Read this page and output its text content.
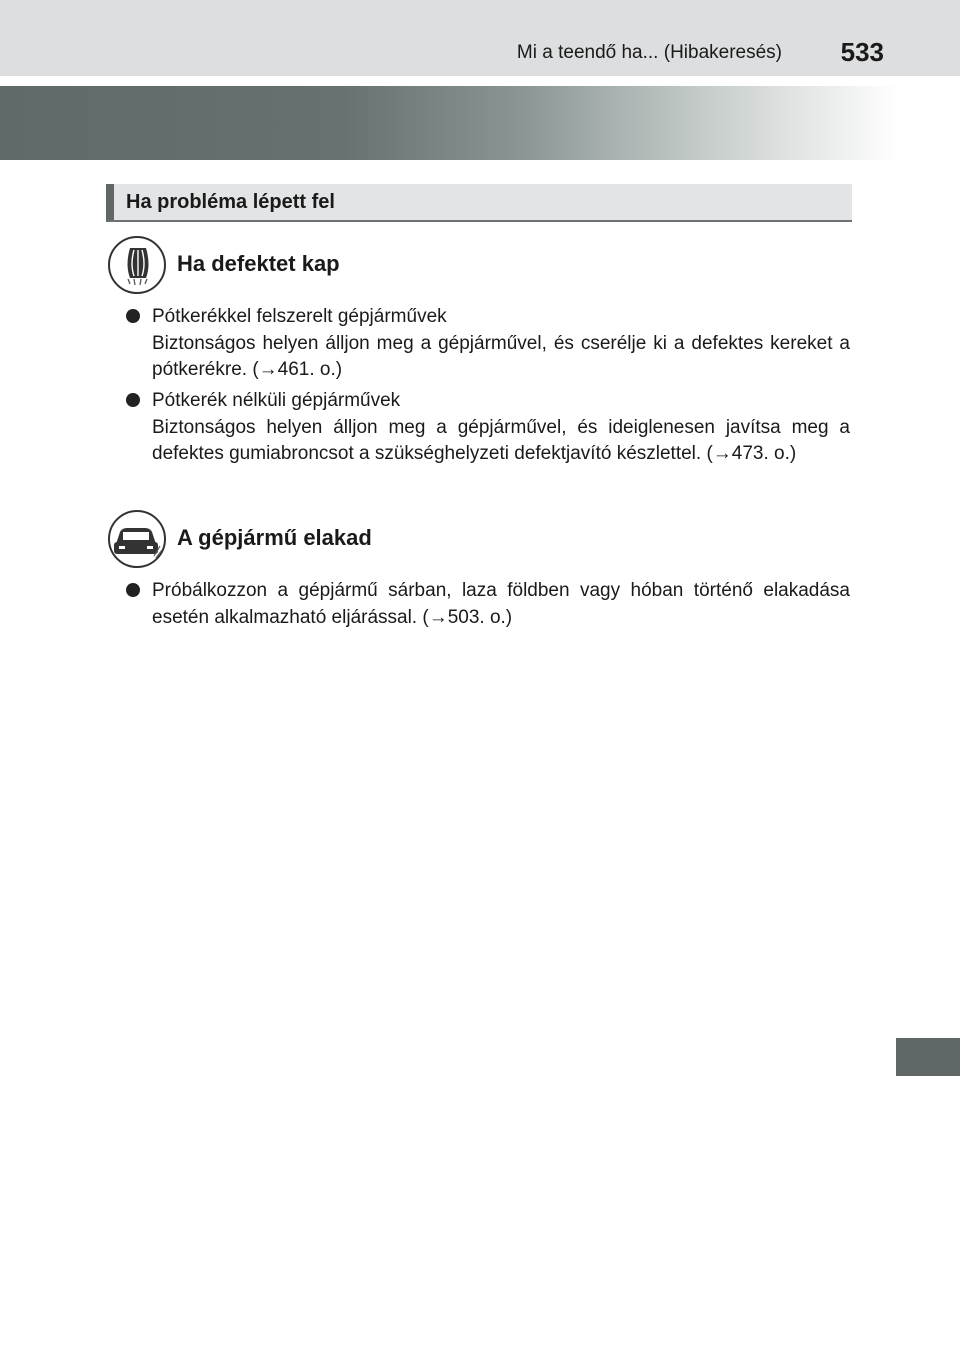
Mi a teendő ha... (Hibakeresés) 533
Ha probléma lépett fel
Ha defektet kap
Pótkerékkel felszerelt gépjárművek
Biztonságos helyen álljon meg a gépjárművel, és cserélje ki a defektes kereket a pótkerékre. (→461. o.)
Pótkerék nélküli gépjárművek
Biztonságos helyen álljon meg a gépjárművel, és ideiglenesen javítsa meg a defektes gumiabroncsot a szükséghelyzeti defektjavító készlettel. (→473. o.)
A gépjármű elakad
Próbálkozzon a gépjármű sárban, laza földben vagy hóban történő elakadása esetén alkalmazható eljárással. (→503. o.)
